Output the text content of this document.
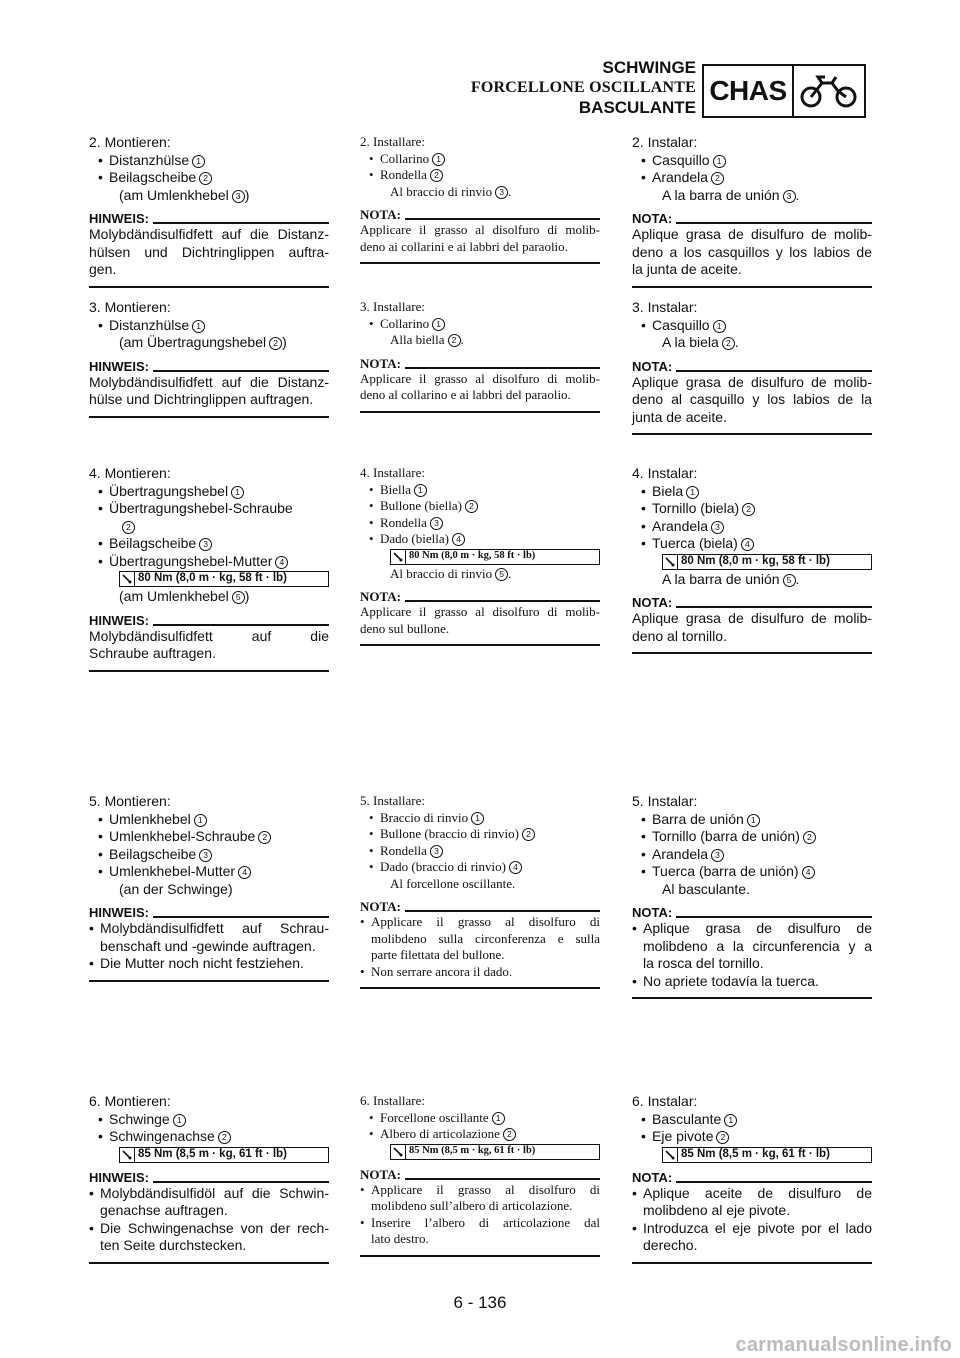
SCHWINGE
FORCELLONE OSCILLANTE
BASCULANTE
CHAS
2. Montieren:
• Distanzhülse 1
• Beilagscheibe 2
(am Umlenkhebel 3 )
HINWEIS:
Molybdändisulfidfett auf die Distanz-
hülsen und Dichtringlippen auftra-
gen.
3. Montieren:
• Distanzhülse 1
(am Übertragungshebel 2 )
HINWEIS:
Molybdändisulfidfett auf die Distanz-
hülse und Dichtringlippen auftragen.
4. Montieren:
• Übertragungshebel 1
• Übertragungshebel-Schraube
2
• Beilagscheibe 3
• Übertragungshebel-Mutter 4
80 Nm (8,0 m · kg, 58 ft · lb)
(am Umlenkhebel 5 )
HINWEIS:
Molybdändisulfidfett auf die
Schraube auftragen.
5. Montieren:
• Umlenkhebel 1
• Umlenkhebel-Schraube 2
• Beilagscheibe 3
• Umlenkhebel-Mutter 4
(an der Schwinge)
HINWEIS:
• Molybdändisulfidfett auf Schrau-
benschaft und -gewinde auftragen.
• Die Mutter noch nicht festziehen.
6. Montieren:
• Schwinge 1
• Schwingenachse 2
85 Nm (8,5 m · kg, 61 ft · lb)
HINWEIS:
• Molybdändisulfidöl auf die Schwin-
genachse auftragen.
• Die Schwingenachse von der rech-
ten Seite durchstecken.
2. Installare:
• Collarino 1
• Rondella 2
Al braccio di rinvio 3 .
NOTA:
Applicare il grasso al disolfuro di molib-
deno ai collarini e ai labbri del paraolio.
3. Installare:
• Collarino 1
Alla biella 2 .
NOTA:
Applicare il grasso al disolfuro di molib-
deno al collarino e ai labbri del paraolio.
4. Installare:
• Biella 1
• Bullone (biella) 2
• Rondella 3
• Dado (biella) 4
80 Nm (8,0 m · kg, 58 ft · lb)
Al braccio di rinvio 5 .
NOTA:
Applicare il grasso al disolfuro di molib-
deno sul bullone.
5. Installare:
• Braccio di rinvio 1
• Bullone (braccio di rinvio) 2
• Rondella 3
• Dado (braccio di rinvio) 4
Al forcellone oscillante.
NOTA:
• Applicare il grasso al disolfuro di
molibdeno sulla circonferenza e sulla
parte filettata del bullone.
• Non serrare ancora il dado.
6. Installare:
• Forcellone oscillante 1
• Albero di articolazione 2
85 Nm (8,5 m · kg, 61 ft · lb)
NOTA:
• Applicare il grasso al disolfuro di
molibdeno sull’albero di articolazione.
• Inserire l’albero di articolazione dal
lato destro.
2. Instalar:
• Casquillo 1
• Arandela 2
A la barra de unión 3 .
NOTA:
Aplique grasa de disulfuro de molib-
deno a los casquillos y los labios de
la junta de aceite.
3. Instalar:
• Casquillo 1
A la biela 2 .
NOTA:
Aplique grasa de disulfuro de molib-
deno al casquillo y los labios de la
junta de aceite.
4. Instalar:
• Biela 1
• Tornillo (biela) 2
• Arandela 3
• Tuerca (biela) 4
80 Nm (8,0 m · kg, 58 ft · lb)
A la barra de unión 5 .
NOTA:
Aplique grasa de disulfuro de molib-
deno al tornillo.
5. Instalar:
• Barra de unión 1
• Tornillo (barra de unión) 2
• Arandela 3
• Tuerca (barra de unión) 4
Al basculante.
NOTA:
• Aplique grasa de disulfuro de
molibdeno a la circunferencia y a
la rosca del tornillo.
• No apriete todavía la tuerca.
6. Instalar:
• Basculante 1
• Eje pivote 2
85 Nm (8,5 m · kg, 61 ft · lb)
NOTA:
• Aplique aceite de disulfuro de
molibdeno al eje pivote.
• Introduzca el eje pivote por el lado
derecho.
6 - 136
carmanualsonline.info
